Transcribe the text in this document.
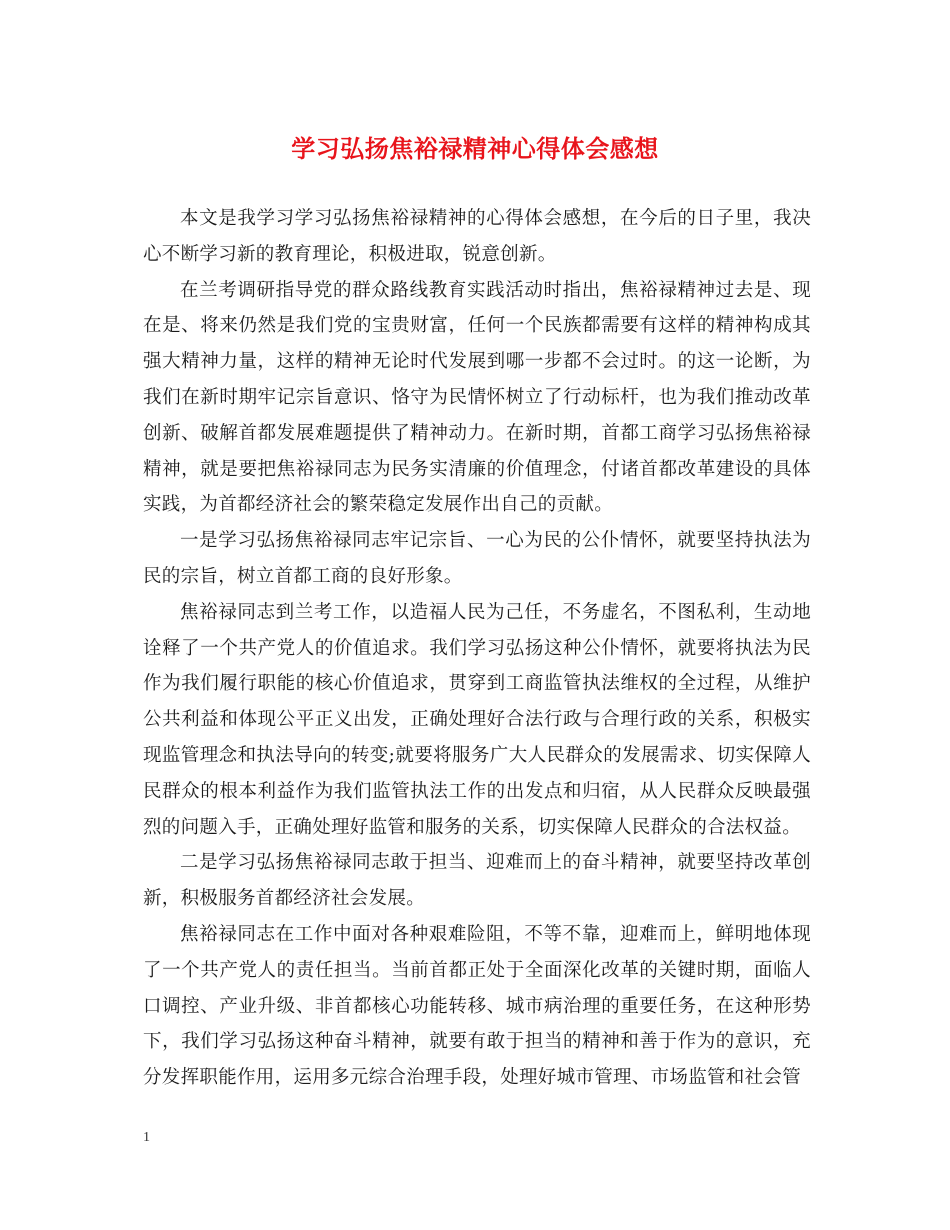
学习弘扬焦裕禄精神心得体会感想

本文是我学习学习弘扬焦裕禄精神的心得体会感想，在今后的日子里，我决心不断学习新的教育理论，积极进取，锐意创新。

在兰考调研指导党的群众路线教育实践活动时指出，焦裕禄精神过去是、现在是、将来仍然是我们党的宝贵财富，任何一个民族都需要有这样的精神构成其强大精神力量，这样的精神无论时代发展到哪一步都不会过时。的这一论断，为我们在新时期牢记宗旨意识、恪守为民情怀树立了行动标杆，也为我们推动改革创新、破解首都发展难题提供了精神动力。在新时期，首都工商学习弘扬焦裕禄精神，就是要把焦裕禄同志为民务实清廉的价值理念，付诸首都改革建设的具体实践，为首都经济社会的繁荣稳定发展作出自己的贡献。

一是学习弘扬焦裕禄同志牢记宗旨、一心为民的公仆情怀，就要坚持执法为民的宗旨，树立首都工商的良好形象。

焦裕禄同志到兰考工作，以造福人民为己任，不务虚名，不图私利，生动地诠释了一个共产党人的价值追求。我们学习弘扬这种公仆情怀，就要将执法为民作为我们履行职能的核心价值追求，贯穿到工商监管执法维权的全过程，从维护公共利益和体现公平正义出发，正确处理好合法行政与合理行政的关系，积极实现监管理念和执法导向的转变;就要将服务广大人民群众的发展需求、切实保障人民群众的根本利益作为我们监管执法工作的出发点和归宿，从人民群众反映最强烈的问题入手，正确处理好监管和服务的关系，切实保障人民群众的合法权益。

二是学习弘扬焦裕禄同志敢于担当、迎难而上的奋斗精神，就要坚持改革创新，积极服务首都经济社会发展。

焦裕禄同志在工作中面对各种艰难险阻，不等不靠，迎难而上，鲜明地体现了一个共产党人的责任担当。当前首都正处于全面深化改革的关键时期，面临人口调控、产业升级、非首都核心功能转移、城市病治理的重要任务，在这种形势下，我们学习弘扬这种奋斗精神，就要有敢于担当的精神和善于作为的意识，充分发挥职能作用，运用多元综合治理手段，处理好城市管理、市场监管和社会管

1
